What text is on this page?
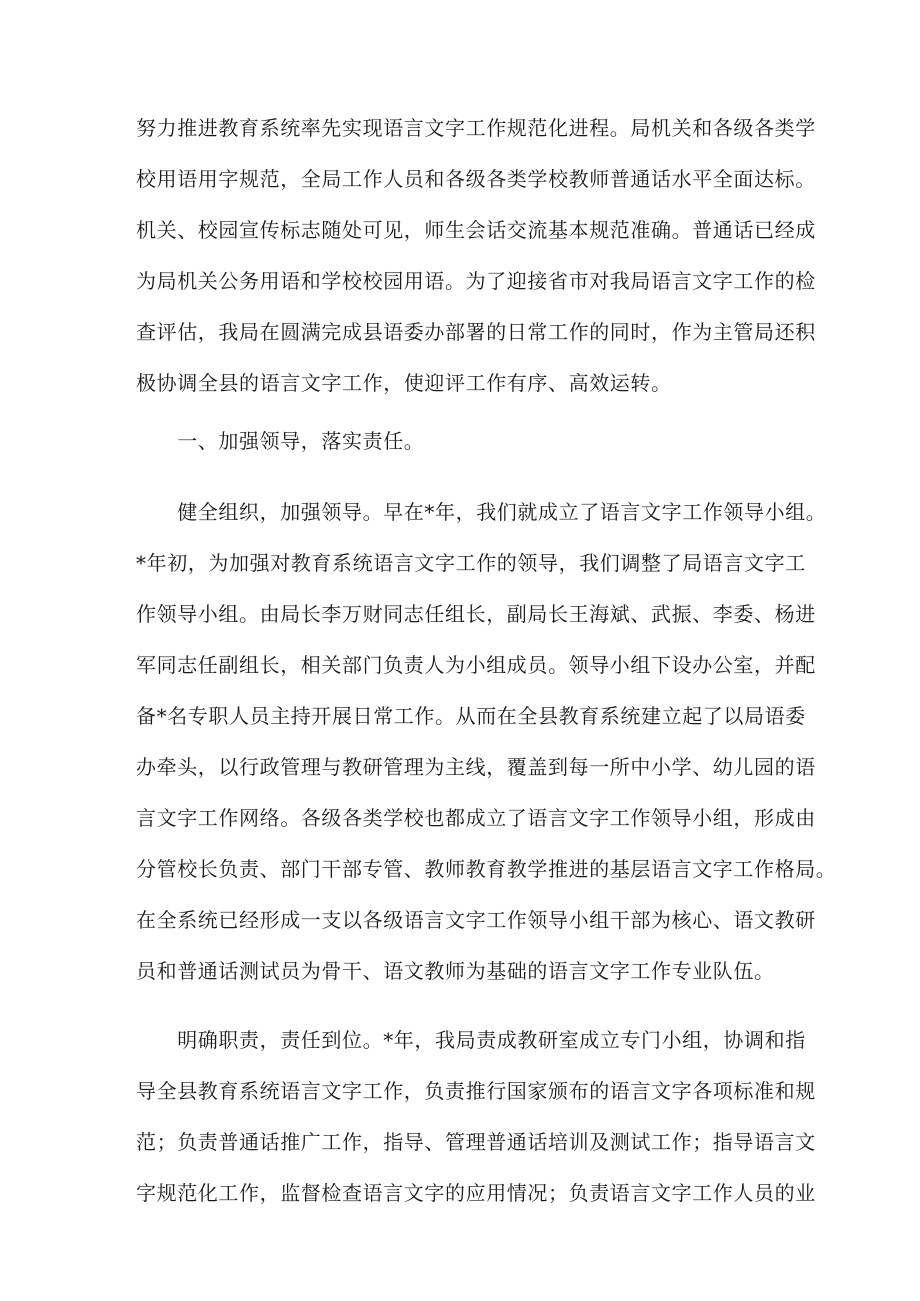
努力推进教育系统率先实现语言文字工作规范化进程。局机关和各级各类学
校用语用字规范，全局工作人员和各级各类学校教师普通话水平全面达标。
机关、校园宣传标志随处可见，师生会话交流基本规范准确。普通话已经成
为局机关公务用语和学校校园用语。为了迎接省市对我局语言文字工作的检
查评估，我局在圆满完成县语委办部署的日常工作的同时，作为主管局还积
极协调全县的语言文字工作，使迎评工作有序、高效运转。
　　一、加强领导，落实责任。
　　健全组织，加强领导。早在*年，我们就成立了语言文字工作领导小组。
*年初，为加强对教育系统语言文字工作的领导，我们调整了局语言文字工
作领导小组。由局长李万财同志任组长，副局长王海斌、武振、李委、杨进
军同志任副组长，相关部门负责人为小组成员。领导小组下设办公室，并配
备*名专职人员主持开展日常工作。从而在全县教育系统建立起了以局语委
办牵头，以行政管理与教研管理为主线，覆盖到每一所中小学、幼儿园的语
言文字工作网络。各级各类学校也都成立了语言文字工作领导小组，形成由
分管校长负责、部门干部专管、教师教育教学推进的基层语言文字工作格局。
在全系统已经形成一支以各级语言文字工作领导小组干部为核心、语文教研
员和普通话测试员为骨干、语文教师为基础的语言文字工作专业队伍。
　　明确职责，责任到位。*年，我局责成教研室成立专门小组，协调和指
导全县教育系统语言文字工作，负责推行国家颁布的语言文字各项标准和规
范；负责普通话推广工作，指导、管理普通话培训及测试工作；指导语言文
字规范化工作，监督检查语言文字的应用情况；负责语言文字工作人员的业
